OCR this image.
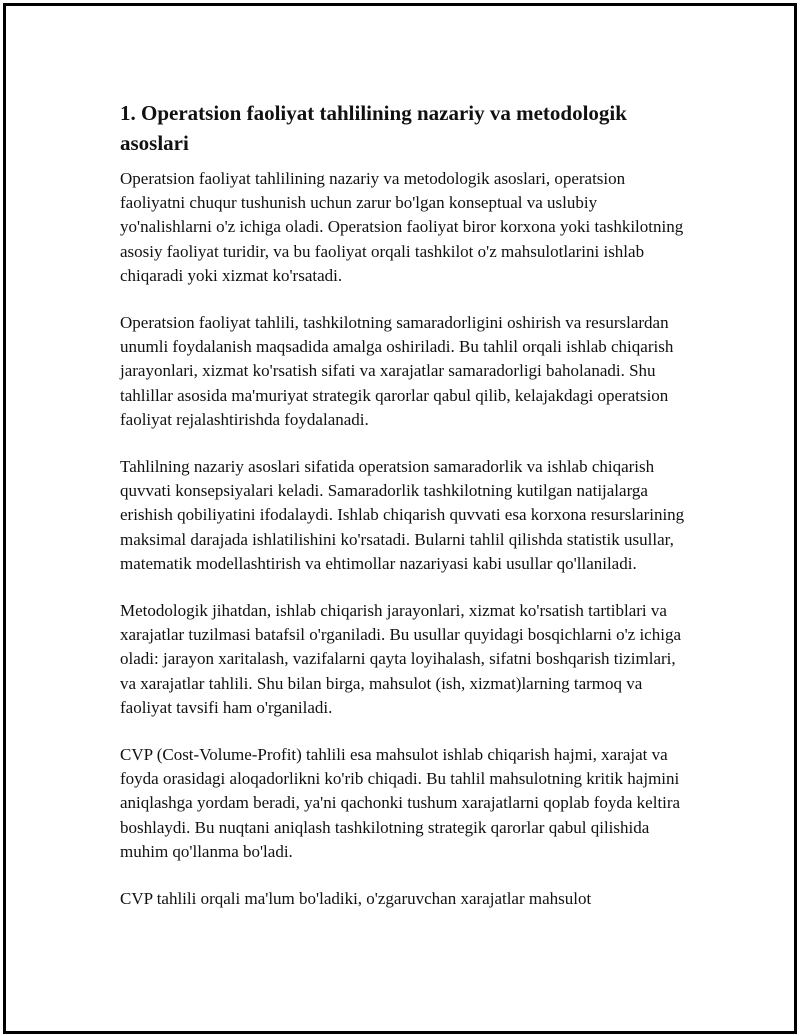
1. Operatsion faoliyat tahlilining nazariy va metodologik asoslari

Operatsion faoliyat tahlilining nazariy va metodologik asoslari, operatsion faoliyatni chuqur tushunish uchun zarur bo'lgan konseptual va uslubiy yo'nalishlarni o'z ichiga oladi. Operatsion faoliyat biror korxona yoki tashkilotning asosiy faoliyat turidir, va bu faoliyat orqali tashkilot o'z mahsulotlarini ishlab chiqaradi yoki xizmat ko'rsatadi.

Operatsion faoliyat tahlili, tashkilotning samaradorligini oshirish va resurslardan unumli foydalanish maqsadida amalga oshiriladi. Bu tahlil orqali ishlab chiqarish jarayonlari, xizmat ko'rsatish sifati va xarajatlar samaradorligi baholanadi. Shu tahlillar asosida ma'muriyat strategik qarorlar qabul qilib, kelajakdagi operatsion faoliyat rejalashtirishda foydalanadi.

Tahlilning nazariy asoslari sifatida operatsion samaradorlik va ishlab chiqarish quvvati konsepsiyalari keladi. Samaradorlik tashkilotning kutilgan natijalarga erishish qobiliyatini ifodalaydi. Ishlab chiqarish quvvati esa korxona resurslarining maksimal darajada ishlatilishini ko'rsatadi. Bularni tahlil qilishda statistik usullar, matematik modellashtirish va ehtimollar nazariyasi kabi usullar qo'llaniladi.

Metodologik jihatdan, ishlab chiqarish jarayonlari, xizmat ko'rsatish tartiblari va xarajatlar tuzilmasi batafsil o'rganiladi. Bu usullar quyidagi bosqichlarni o'z ichiga oladi: jarayon xaritalash, vazifalarni qayta loyihalash, sifatni boshqarish tizimlari, va xarajatlar tahlili. Shu bilan birga, mahsulot (ish, xizmat)larning tarmoq va faoliyat tavsifi ham o'rganiladi.

CVP (Cost-Volume-Profit) tahlili esa mahsulot ishlab chiqarish hajmi, xarajat va foyda orasidagi aloqadorlikni ko'rib chiqadi. Bu tahlil mahsulotning kritik hajmini aniqlashga yordam beradi, ya'ni qachonki tushum xarajatlarni qoplab foyda keltira boshlaydi. Bu nuqtani aniqlash tashkilotning strategik qarorlar qabul qilishida muhim qo'llanma bo'ladi.

CVP tahlili orqali ma'lum bo'ladiki, o'zgaruvchan xarajatlar mahsulot
